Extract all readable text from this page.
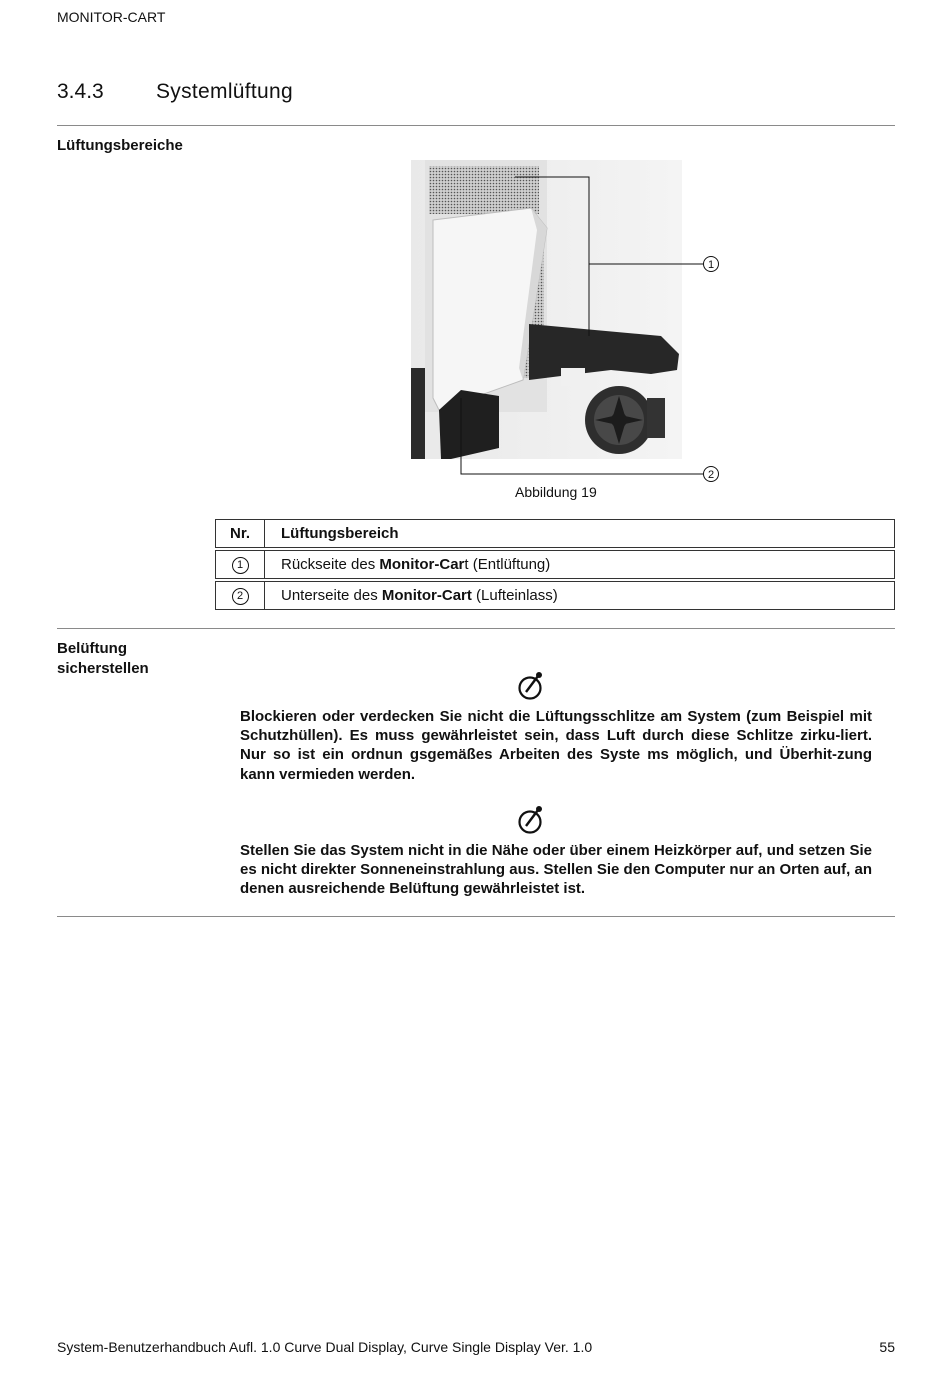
MONITOR-CART
3.4.3 Systemlüftung
Lüftungsbereiche
1
2
Abbildung 19
Nr.	Lüftungsbereich

1	Rückseite des Monitor-Cart (Entlüftung)

2	Unterseite des Monitor-Cart (Lufteinlass)
Belüftung
sicherstellen
Blockieren oder verdecken Sie nicht die Lüftungsschlitze am System (zum Beispiel mit Schutzhüllen). Es muss gewährleistet sein, dass Luft durch diese Schlitze zirku-liert. Nur so ist ein ordnun gsgemäßes Arbeiten des Syste ms möglich, und Überhit-zung kann vermieden werden.
Stellen Sie das System nicht in die Nähe oder über einem Heizkörper auf, und setzen Sie es nicht direkter Sonneneinstrahlung aus. Stellen Sie den Computer nur an Orten auf, an denen ausreichende Belüftung gewährleistet ist.
System-Benutzerhandbuch Aufl. 1.0 Curve Dual Display, Curve Single Display Ver. 1.0	55
